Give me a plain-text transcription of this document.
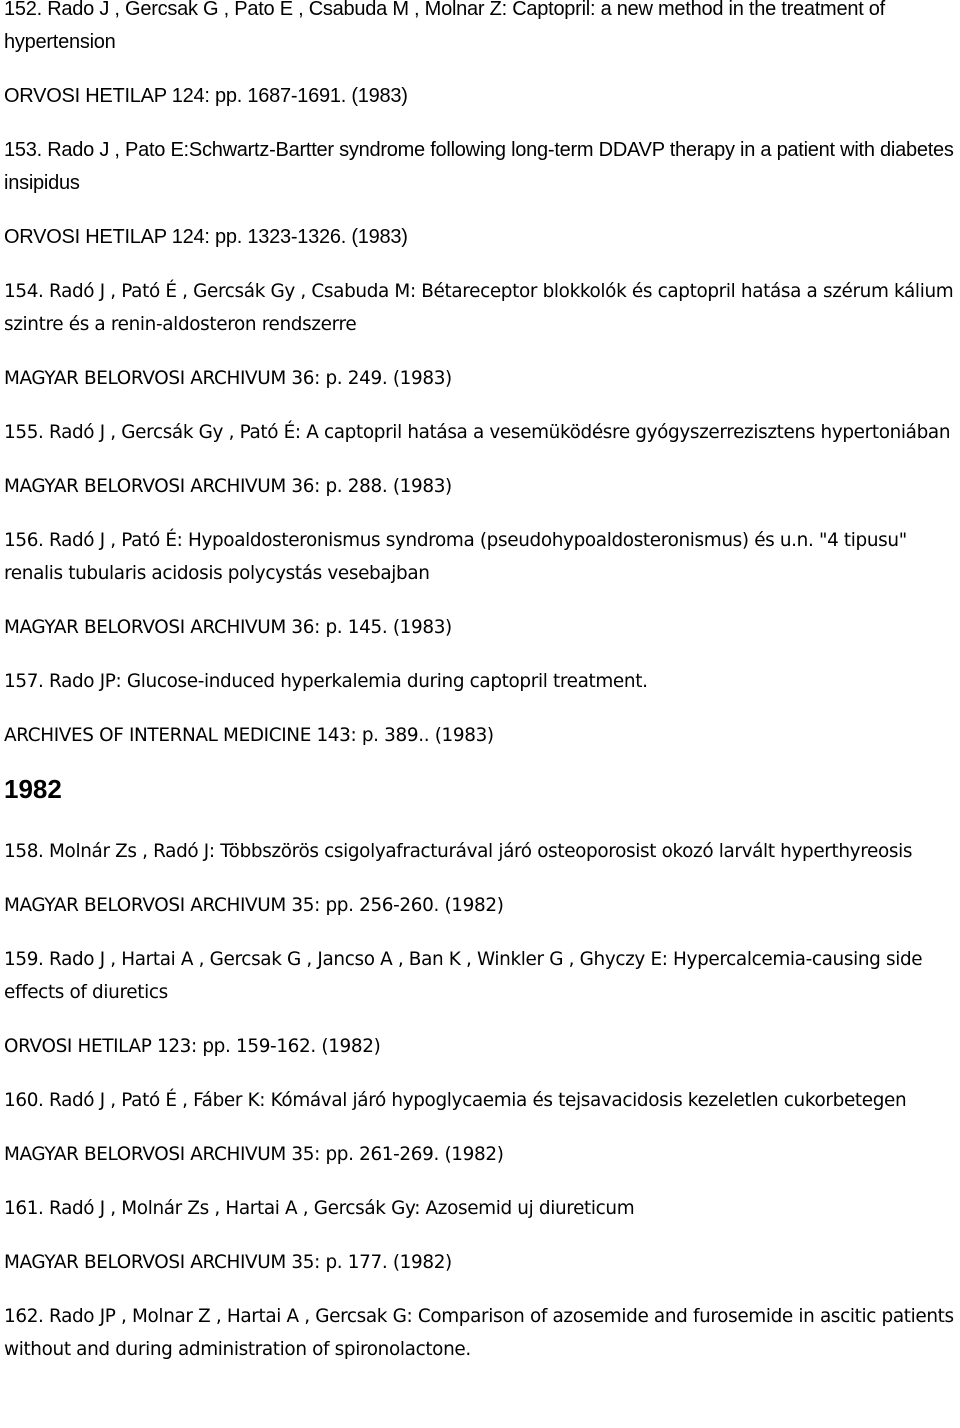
152. Rado J , Gercsak G , Pato E , Csabuda M , Molnar Z: Captopril: a new method in the treatment of hypertension

ORVOSI HETILAP 124: pp. 1687-1691. (1983)

153. Rado J , Pato E:Schwartz-Bartter syndrome following long-term DDAVP therapy in a patient with diabetes insipidus

ORVOSI HETILAP 124: pp. 1323-1326. (1983)

154. Radó J , Pató É , Gercsák Gy , Csabuda M: Bétareceptor blokkolók és captopril hatása a szérum kálium szintre és a renin-aldosteron rendszerre

MAGYAR BELORVOSI ARCHIVUM 36: p. 249. (1983)

155. Radó J , Gercsák Gy , Pató É: A captopril hatása a vesemüködésre gyógyszerrezisztens hypertoniában

MAGYAR BELORVOSI ARCHIVUM 36: p. 288. (1983)

156. Radó J , Pató É: Hypoaldosteronismus syndroma (pseudohypoaldosteronismus) és u.n. "4 tipusu" renalis tubularis acidosis polycystás vesebajban

MAGYAR BELORVOSI ARCHIVUM 36: p. 145. (1983)

157. Rado JP: Glucose-induced hyperkalemia during captopril treatment.

ARCHIVES OF INTERNAL MEDICINE 143: p. 389.. (1983)

1982

158. Molnár Zs , Radó J: Többszörös csigolyafracturával járó osteoporosist okozó larvált hyperthyreosis

MAGYAR BELORVOSI ARCHIVUM 35: pp. 256-260. (1982)

159. Rado J , Hartai A , Gercsak G , Jancso A , Ban K , Winkler G , Ghyczy E: Hypercalcemia-causing side effects of diuretics

ORVOSI HETILAP 123: pp. 159-162. (1982)

160. Radó J , Pató É , Fáber K: Kómával járó hypoglycaemia és tejsavacidosis kezeletlen cukorbetegen

MAGYAR BELORVOSI ARCHIVUM 35: pp. 261-269. (1982)

161. Radó J , Molnár Zs , Hartai A , Gercsák Gy: Azosemid uj diureticum

MAGYAR BELORVOSI ARCHIVUM 35: p. 177. (1982)

162. Rado JP , Molnar Z , Hartai A , Gercsak G: Comparison of azosemide and furosemide in ascitic patients without and during administration of spironolactone.
